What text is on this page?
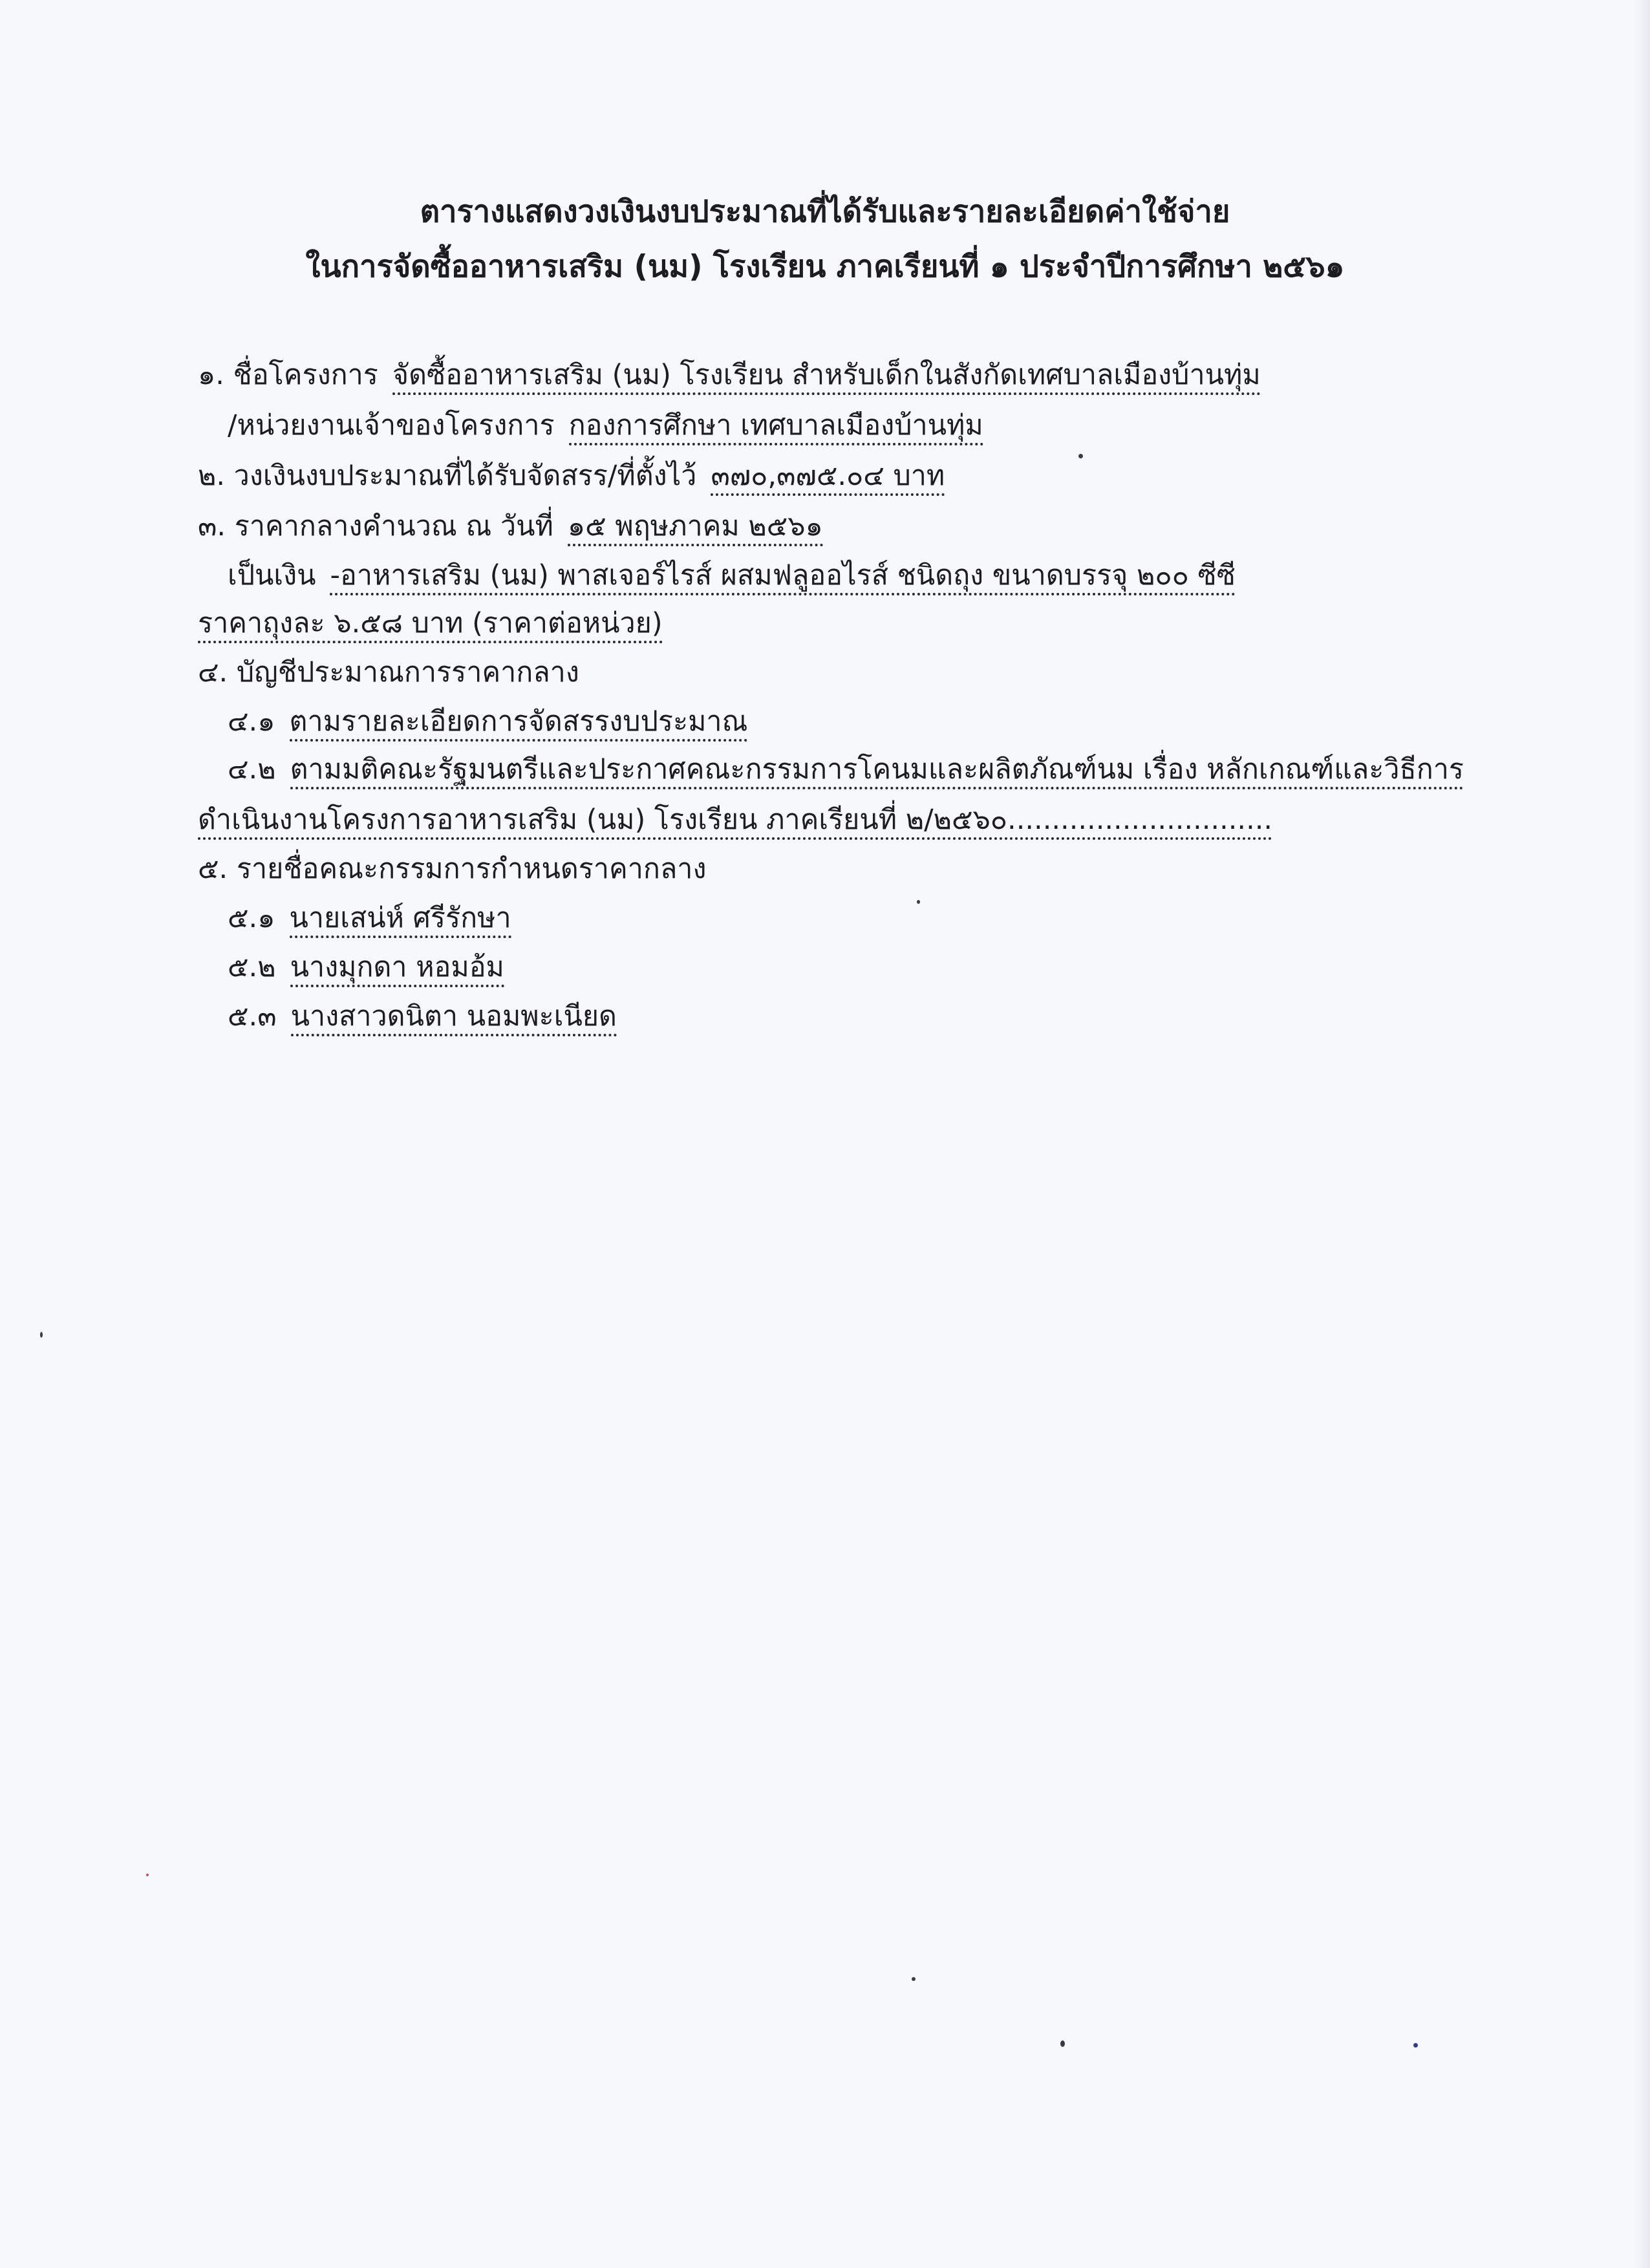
ตารางแสดงวงเงินงบประมาณที่ได้รับและรายละเอียดค่าใช้จ่าย
ในการจัดซื้ออาหารเสริม (นม) โรงเรียน ภาคเรียนที่ ๑ ประจำปีการศึกษา ๒๕๖๑
๑. ชื่อโครงการ จัดซื้ออาหารเสริม (นม) โรงเรียน สำหรับเด็กในสังกัดเทศบาลเมืองบ้านทุ่ม
/หน่วยงานเจ้าของโครงการ กองการศึกษา เทศบาลเมืองบ้านทุ่ม
๒. วงเงินงบประมาณที่ได้รับจัดสรร/ที่ตั้งไว้ ๓๗๐,๓๗๕.๐๔ บาท
๓. ราคากลางคำนวณ ณ วันที่ ๑๕ พฤษภาคม ๒๕๖๑
เป็นเงิน -อาหารเสริม (นม) พาสเจอร์ไรส์ ผสมฟลูออไรส์ ชนิดถุง ขนาดบรรจุ ๒๐๐ ซีซี
ราคาถุงละ ๖.๕๘ บาท (ราคาต่อหน่วย)
๔. บัญชีประมาณการราคากลาง
๔.๑ ตามรายละเอียดการจัดสรรงบประมาณ
๔.๒ ตามมติคณะรัฐมนตรีและประกาศคณะกรรมการโคนมและผลิตภัณฑ์นม เรื่อง หลักเกณฑ์และวิธีการ
ดำเนินงานโครงการอาหารเสริม (นม) โรงเรียน ภาคเรียนที่ ๒/๒๕๖๐..............................
๕. รายชื่อคณะกรรมการกำหนดราคากลาง
๕.๑ นายเสน่ห์ ศรีรักษา
๕.๒ นางมุกดา หอมอ้ม
๕.๓ นางสาวดนิตา นอมพะเนียด
